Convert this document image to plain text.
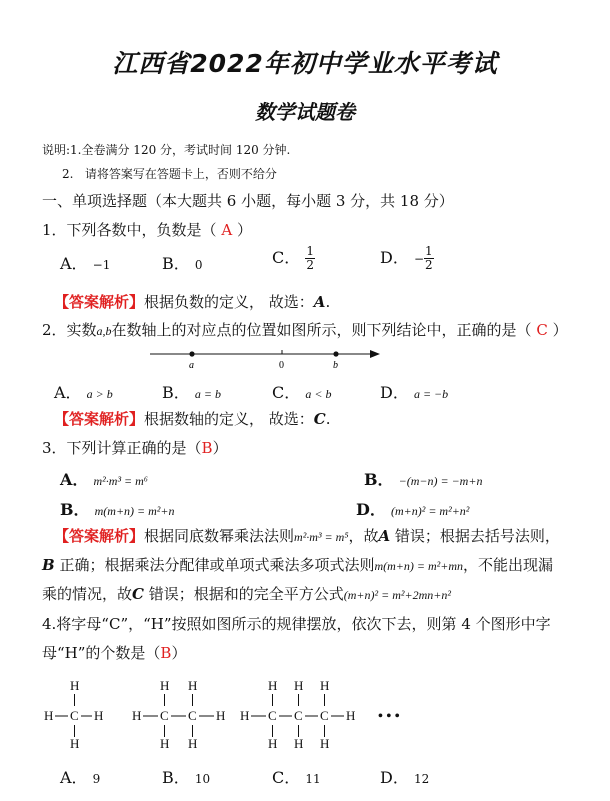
江西省2022年初中学业水平考试
数学试题卷
说明:1.全卷满分 120 分，考试时间 120 分钟.
2. 请将答案写在答题卡上，否则不给分
一、单项选择题（本大题共 6 小题，每小题 3 分，共 18 分）
1．下列各数中，负数是（ A ）
A． −1	B． 0	C． $\frac{1}{2}$	D． − $\frac{1}{2}$
【答案解析】根据负数的定义， 故选：A.
2．实数a,b在数轴上的对应点的位置如图所示，则下列结论中，正确的是（ C ）
a	0	b
A． a > b	B． a = b	C． a < b	D． a = −b
【答案解析】根据数轴的定义， 故选：C.
3．下列计算正确的是（B）
A． m²·m³ = m⁶	B． −(m−n) = −m+n
B． m(m+n) = m²+n	D． (m+n)² = m²+n²
【答案解析】根据同底数幂乘法法则m²·m³ = m⁵，故A 错误；根据去括号法则，
B 正确；根据乘法分配律或单项式乘法多项式法则m(m+n) = m²+mn，不能出现漏
乘的情况，故C 错误；根据和的完全平方公式(m+n)² = m²+2mn+n²
4.将字母“C”，“H”按照如图所示的规律摆放，依次下去，则第 4 个图形中字
母“H”的个数是（B）
H
H C H
H
H H
H C C H
H H
H H H
H C C C H
H H H
• • •
A． 9	B． 10	C． 11	D． 12
